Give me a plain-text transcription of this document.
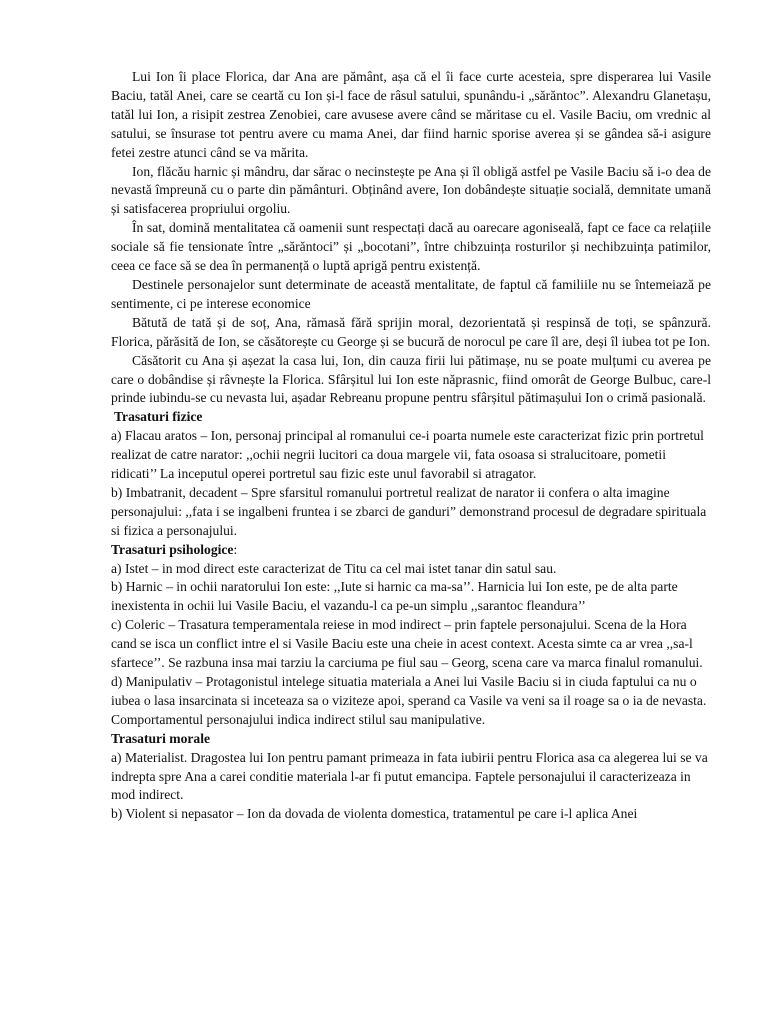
Lui Ion îi place Florica, dar Ana are pământ, așa că el îi face curte acesteia, spre disperarea lui Vasile Baciu, tatăl Anei, care se ceartă cu Ion și-l face de râsul satului, spunându-i „sărăntoc”. Alexandru Glanetașu, tatăl lui Ion, a risipit zestrea Zenobiei, care avusese avere când se măritase cu el. Vasile Baciu, om vrednic al satului, se însurase tot pentru avere cu mama Anei, dar fiind harnic sporise averea și se gândea să-i asigure fetei zestre atunci când se va mărita.

Ion, flăcău harnic și mândru, dar sărac o necinstește pe Ana și îl obligă astfel pe Vasile Baciu să i-o dea de nevastă împreună cu o parte din pământuri. Obținând avere, Ion dobândește situație socială, demnitate umană și satisfacerea propriului orgoliu.

În sat, domină mentalitatea că oamenii sunt respectați dacă au oarecare agoniseală, fapt ce face ca relațiile sociale să fie tensionate între „sărăntoci” și „bocotani”, între chibzuința rosturilor și nechibzuința patimilor, ceea ce face să se dea în permanență o luptă aprigă pentru existență.

Destinele personajelor sunt determinate de această mentalitate, de faptul că familiile nu se întemeiază pe sentimente, ci pe interese economice

Bătută de tată și de soț, Ana, rămasă fără sprijin moral, dezorientată și respinsă de toți, se spânzură. Florica, părăsită de Ion, se căsătorește cu George și se bucură de norocul pe care îl are, deși îl iubea tot pe Ion.

Căsătorit cu Ana și așezat la casa lui, Ion, din cauza firii lui pătimașe, nu se poate mulțumi cu averea pe care o dobândise și râvnește la Florica. Sfârșitul lui Ion este năprasnic, fiind omorât de George Bulbuc, care-l prinde iubindu-se cu nevasta lui, așadar Rebreanu propune pentru sfârșitul pătimașului Ion o crimă pasională.

Trasaturi fizice

a) Flacau aratos – Ion, personaj principal al romanului ce-i poarta numele este caracterizat fizic prin portretul realizat de catre narator: ,,ochii negrii lucitori ca doua margele vii, fata osoasa si stralucitoare, pometii ridicati’’ La inceputul operei portretul sau fizic este unul favorabil si atragator.

b) Imbatranit, decadent – Spre sfarsitul romanului portretul realizat de narator ii confera o alta imagine personajului: ,,fata i se ingalbeni fruntea i se zbarci de ganduri” demonstrand procesul de degradare spirituala si fizica a personajului.

Trasaturi psihologice:

a) Istet – in mod direct este caracterizat de Titu ca cel mai istet tanar din satul sau.

b) Harnic – in ochii naratorului Ion este: ,,Iute si harnic ca ma-sa’’. Harnicia lui Ion este, pe de alta parte inexistenta in ochii lui Vasile Baciu, el vazandu-l ca pe-un simplu ,,sarantoc fleandura’’

c) Coleric – Trasatura temperamentala reiese in mod indirect – prin faptele personajului. Scena de la Hora cand se isca un conflict intre el si Vasile Baciu este una cheie in acest context. Acesta simte ca ar vrea ,,sa-l sfartece’’. Se razbuna insa mai tarziu la carciuma pe fiul sau – Georg, scena care va marca finalul romanului.

d) Manipulativ – Protagonistul intelege situatia materiala a Anei lui Vasile Baciu si in ciuda faptului ca nu o iubea o lasa insarcinata si inceteaza sa o viziteze apoi, sperand ca Vasile va veni sa il roage sa o ia de nevasta. Comportamentul personajului indica indirect stilul sau manipulative.

Trasaturi morale

a) Materialist. Dragostea lui Ion pentru pamant primeaza in fata iubirii pentru Florica asa ca alegerea lui se va indrepta spre Ana a carei conditie materiala l-ar fi putut emancipa. Faptele personajului il caracterizeaza in mod indirect.

b) Violent si nepasator – Ion da dovada de violenta domestica, tratamentul pe care i-l aplica Anei
